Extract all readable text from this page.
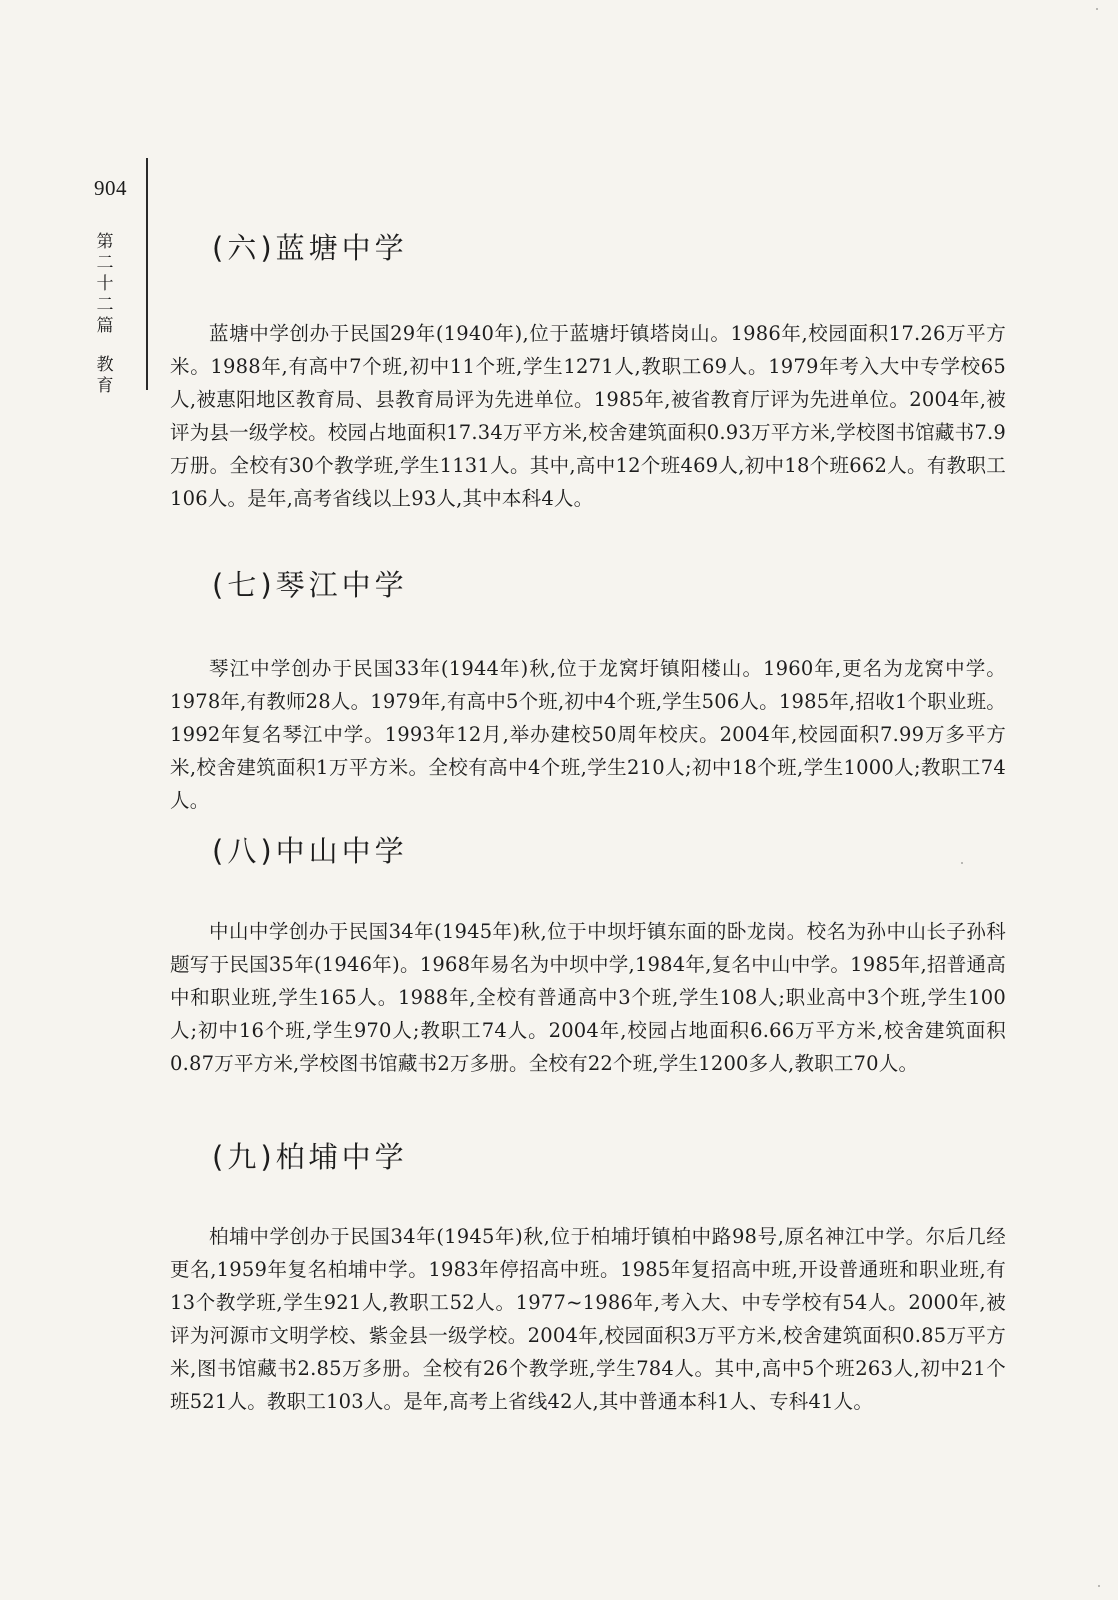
904
第
二
十
二
篇
教
育
(六)蓝塘中学

蓝塘中学创办于民国29年(1940年),位于蓝塘圩镇塔岗山。1986年,校园面积17.26万平方米。1988年,有高中7个班,初中11个班,学生1271人,教职工69人。1979年考入大中专学校65人,被惠阳地区教育局、县教育局评为先进单位。1985年,被省教育厅评为先进单位。2004年,被评为县一级学校。校园占地面积17.34万平方米,校舍建筑面积0.93万平方米,学校图书馆藏书7.9万册。全校有30个教学班,学生1131人。其中,高中12个班469人,初中18个班662人。有教职工106人。是年,高考省线以上93人,其中本科4人。

(七)琴江中学

琴江中学创办于民国33年(1944年)秋,位于龙窝圩镇阳楼山。1960年,更名为龙窝中学。1978年,有教师28人。1979年,有高中5个班,初中4个班,学生506人。1985年,招收1个职业班。1992年复名琴江中学。1993年12月,举办建校50周年校庆。2004年,校园面积7.99万多平方米,校舍建筑面积1万平方米。全校有高中4个班,学生210人;初中18个班,学生1000人;教职工74人。

(八)中山中学

中山中学创办于民国34年(1945年)秋,位于中坝圩镇东面的卧龙岗。校名为孙中山长子孙科题写于民国35年(1946年)。1968年易名为中坝中学,1984年,复名中山中学。1985年,招普通高中和职业班,学生165人。1988年,全校有普通高中3个班,学生108人;职业高中3个班,学生100人;初中16个班,学生970人;教职工74人。2004年,校园占地面积6.66万平方米,校舍建筑面积0.87万平方米,学校图书馆藏书2万多册。全校有22个班,学生1200多人,教职工70人。

(九)柏埔中学

柏埔中学创办于民国34年(1945年)秋,位于柏埔圩镇柏中路98号,原名神江中学。尔后几经更名,1959年复名柏埔中学。1983年停招高中班。1985年复招高中班,开设普通班和职业班,有13个教学班,学生921人,教职工52人。1977~1986年,考入大、中专学校有54人。2000年,被评为河源市文明学校、紫金县一级学校。2004年,校园面积3万平方米,校舍建筑面积0.85万平方米,图书馆藏书2.85万多册。全校有26个教学班,学生784人。其中,高中5个班263人,初中21个班521人。教职工103人。是年,高考上省线42人,其中普通本科1人、专科41人。
